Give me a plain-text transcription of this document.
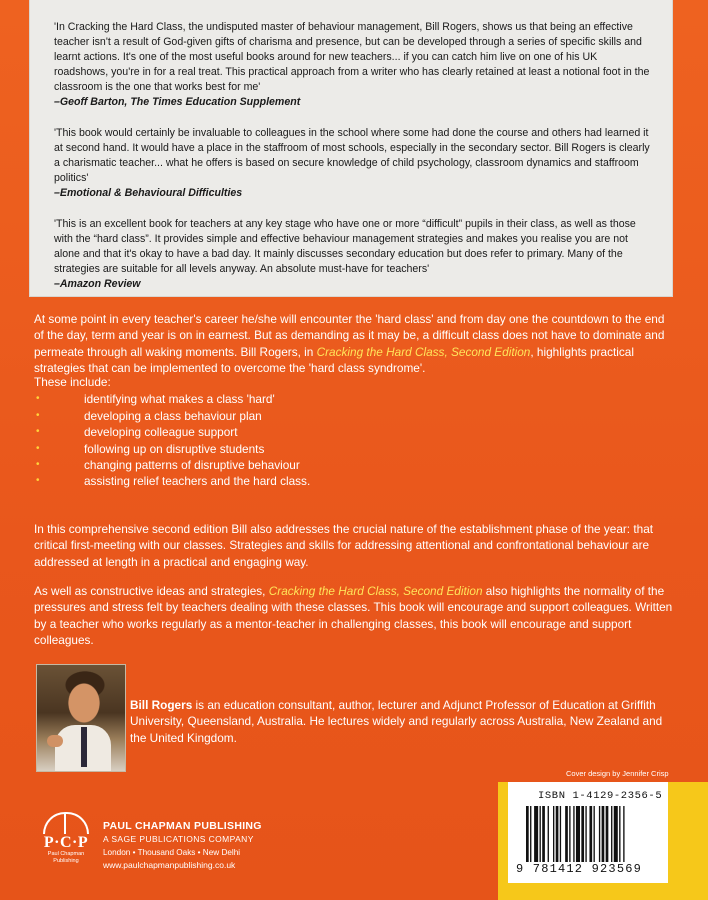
'In Cracking the Hard Class, the undisputed master of behaviour management, Bill Rogers, shows us that being an effective teacher isn't a result of God-given gifts of charisma and presence, but can be developed through a series of specific skills and learnt actions. It's one of the most useful books around for new teachers... if you can catch him live on one of his UK roadshows, you're in for a real treat. This practical approach from a writer who has clearly retained at least a notional foot in the classroom is the one that works best for me'
–Geoff Barton, The Times Education Supplement
'This book would certainly be invaluable to colleagues in the school where some had done the course and others had learned it at second hand. It would have a place in the staffroom of most schools, especially in the secondary sector. Bill Rogers is clearly a charismatic teacher... what he offers is based on secure knowledge of child psychology, classroom dynamics and staffroom politics'
–Emotional & Behavioural Difficulties
'This is an excellent book for teachers at any key stage who have one or more “difficult” pupils in their class, as well as those with the “hard class”. It provides simple and effective behaviour management strategies and makes you realise you are not alone and that it's okay to have a bad day. It mainly discusses secondary education but does refer to primary. Many of the strategies are suitable for all levels anyway. An absolute must-have for teachers'
–Amazon Review
At some point in every teacher's career he/she will encounter the 'hard class' and from day one the countdown to the end of the day, term and year is on in earnest. But as demanding as it may be, a difficult class does not have to dominate and permeate through all waking moments. Bill Rogers, in Cracking the Hard Class, Second Edition, highlights practical strategies that can be implemented to overcome the 'hard class syndrome'.
These include:
•	identifying what makes a class 'hard'
•	developing a class behaviour plan
•	developing colleague support
•	following up on disruptive students
•	changing patterns of disruptive behaviour
•	assisting relief teachers and the hard class.
In this comprehensive second edition Bill also addresses the crucial nature of the establishment phase of the year: that critical first-meeting with our classes. Strategies and skills for addressing attentional and confrontational behaviour are addressed at length in a practical and engaging way.
As well as constructive ideas and strategies, Cracking the Hard Class, Second Edition also highlights the normality of the pressures and stress felt by teachers dealing with these classes. This book will encourage and support colleagues. Written by a teacher who works regularly as a mentor-teacher in challenging classes, this book will encourage and support colleagues.
Bill Rogers is an education consultant, author, lecturer and Adjunct Professor of Education at Griffith University, Queensland, Australia. He lectures widely and regularly across Australia, New Zealand and the United Kingdom.
Cover design by Jennifer Crisp
P·C·P
Paul Chapman
Publishing
PAUL CHAPMAN PUBLISHING
A SAGE PUBLICATIONS COMPANY
London • Thousand Oaks • New Delhi
www.paulchapmanpublishing.co.uk
ISBN 1-4129-2356-5
9 781412 923569
